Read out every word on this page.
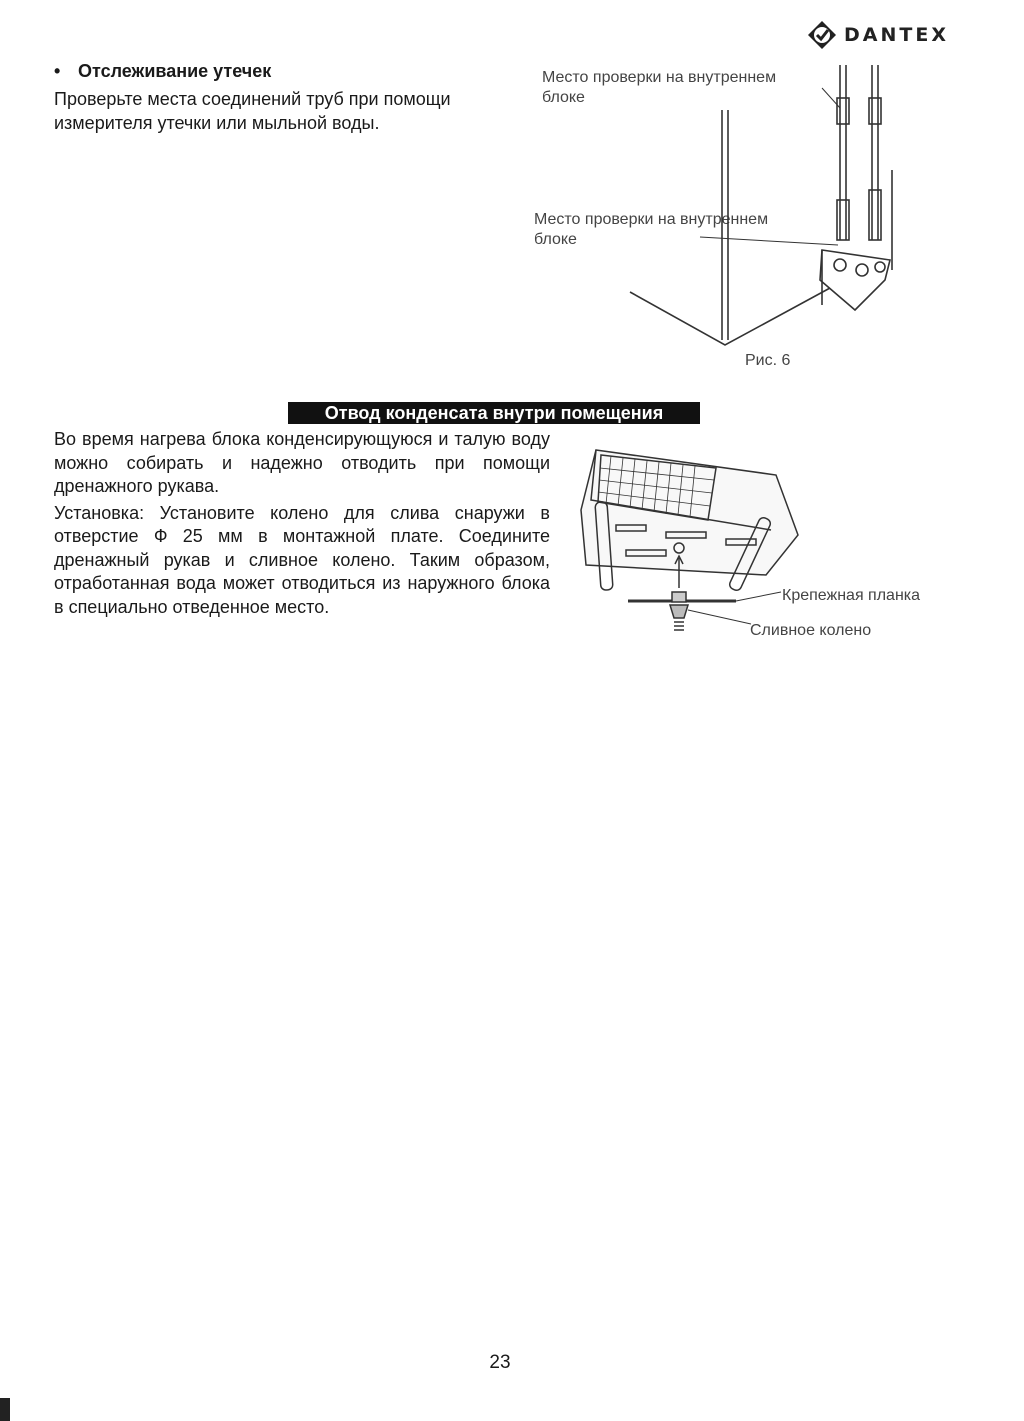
DANTEX
• Отслеживание утечек
Проверьте места соединений труб при помощи измерителя утечки или мыльной воды.
Место проверки на внутреннем
блоке
Место проверки на внутреннем
блоке
Рис. 6
Отвод конденсата внутри помещения

Во время нагрева блока конденсирующуюся и талую воду можно собирать и надежно отводить при помощи дренажного рукава.

Установка: Установите колено для слива снаружи в отверстие Ф 25 мм в монтажной плате. Соедините дренажный рукав и сливное колено. Таким образом, отработанная вода может отводиться из наружного блока в специально отведенное место.

Крепежная планка
Сливное колено
23
